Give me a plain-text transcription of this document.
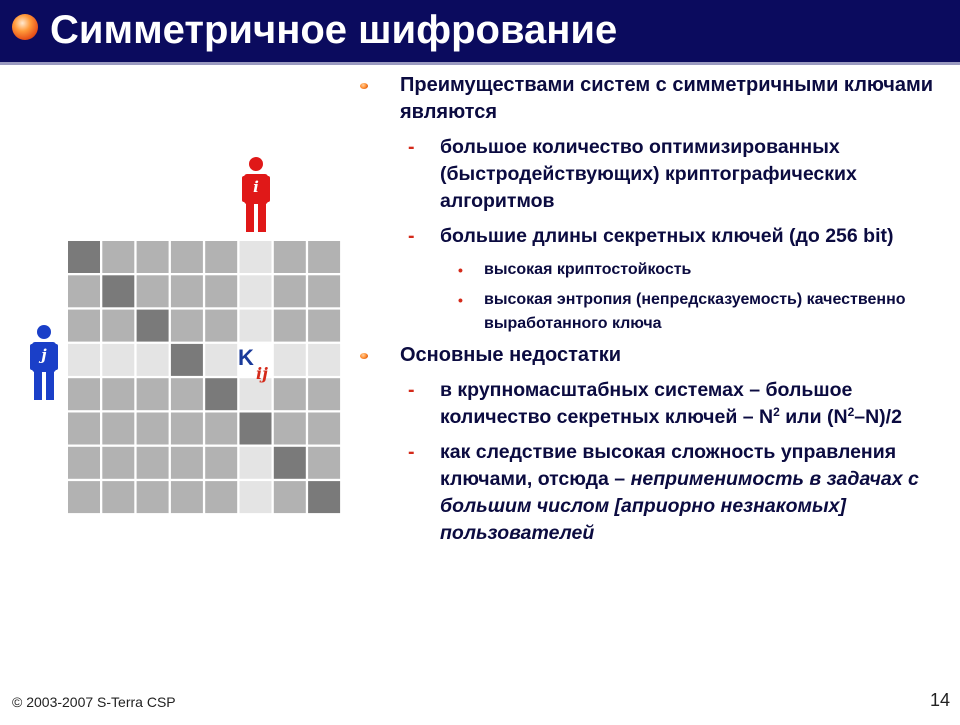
Симметричное шифрование
i
j	K
ij
Преимуществами систем с симметричными ключами являются
- большое количество оптимизированных (быстродействующих) криптографических алгоритмов
- большие длины секретных ключей (до 256 bit)
• высокая криптостойкость
• высокая энтропия (непредсказуемость) качественно выработанного ключа
Основные недостатки
- в крупномасштабных системах – большое количество секретных ключей – $N^2$ или $(N^2-N)/2$
- как следствие высокая сложность управления ключами, отсюда – неприменимость в задачах с большим числом [априорно незнакомых] пользователей
© 2003-2007 S-Terra CSP	14
